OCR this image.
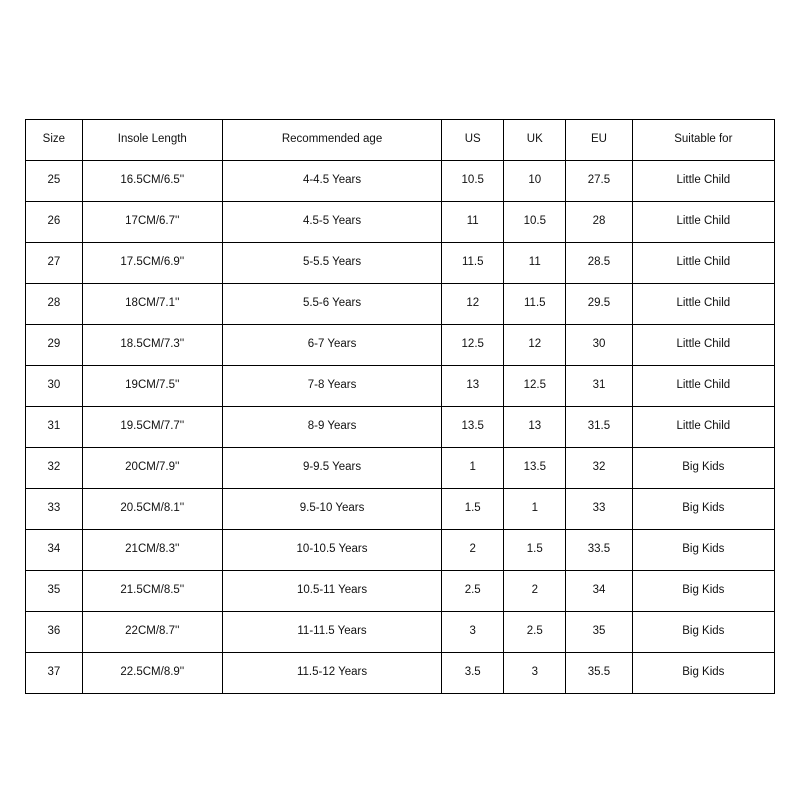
Size	Insole Length	Recommended age	US	UK	EU	Suitable for
25	16.5CM/6.5''	4-4.5 Years	10.5	10	27.5	Little Child
26	17CM/6.7''	4.5-5 Years	11	10.5	28	Little Child
27	17.5CM/6.9''	5-5.5 Years	11.5	11	28.5	Little Child
28	18CM/7.1''	5.5-6 Years	12	11.5	29.5	Little Child
29	18.5CM/7.3''	6-7 Years	12.5	12	30	Little Child
30	19CM/7.5''	7-8 Years	13	12.5	31	Little Child
31	19.5CM/7.7''	8-9 Years	13.5	13	31.5	Little Child
32	20CM/7.9''	9-9.5 Years	1	13.5	32	Big Kids
33	20.5CM/8.1''	9.5-10 Years	1.5	1	33	Big Kids
34	21CM/8.3''	10-10.5 Years	2	1.5	33.5	Big Kids
35	21.5CM/8.5''	10.5-11 Years	2.5	2	34	Big Kids
36	22CM/8.7''	11-11.5 Years	3	2.5	35	Big Kids
37	22.5CM/8.9''	11.5-12 Years	3.5	3	35.5	Big Kids
